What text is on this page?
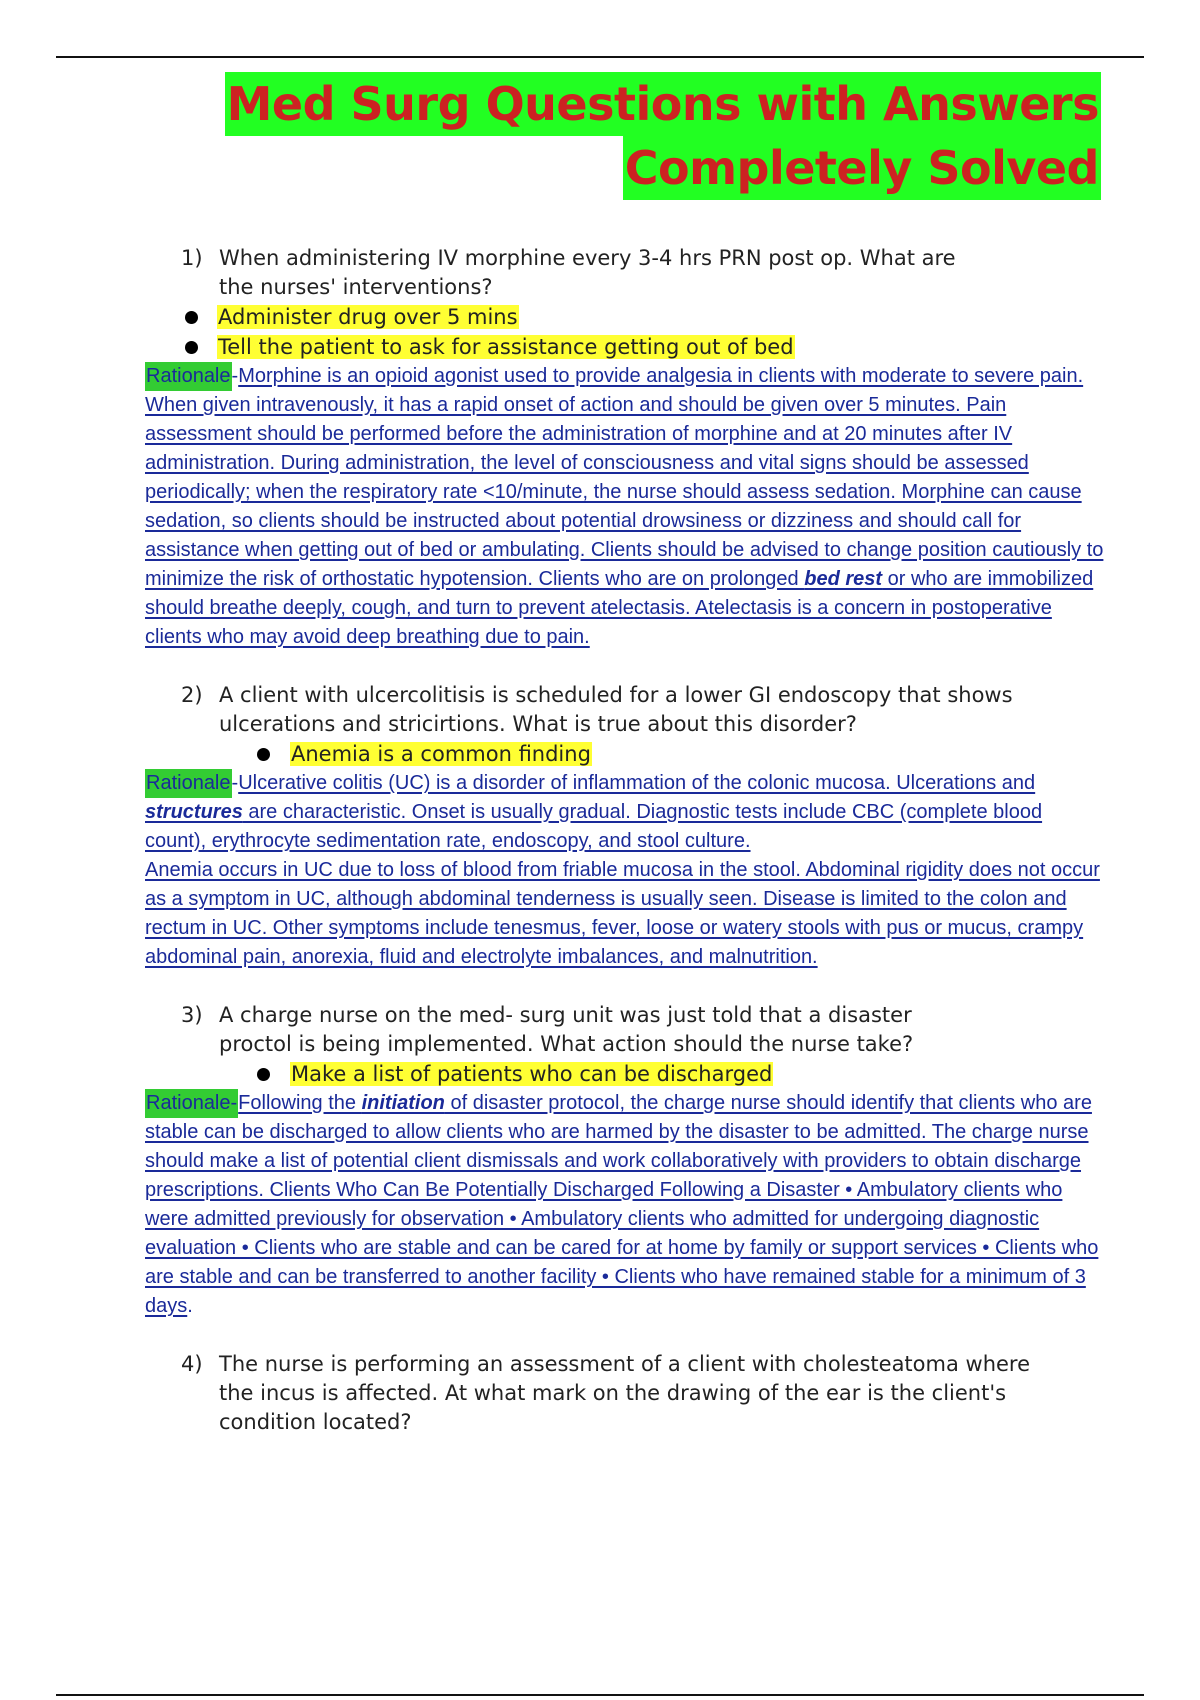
Med Surg Questions with Answers
Completely Solved
1) When administering IV morphine every 3-4 hrs PRN post op. What are
the nurses' interventions?
Administer drug over 5 mins
Tell the patient to ask for assistance getting out of bed

Rationale-Morphine is an opioid agonist used to provide analgesia in clients with moderate to severe pain. When given intravenously, it has a rapid onset of action and should be given over 5 minutes. Pain assessment should be performed before the administration of morphine and at 20 minutes after IV administration. During administration, the level of consciousness and vital signs should be assessed periodically; when the respiratory rate <10/minute, the nurse should assess sedation. Morphine can cause sedation, so clients should be instructed about potential drowsiness or dizziness and should call for assistance when getting out of bed or ambulating. Clients should be advised to change position cautiously to minimize the risk of orthostatic hypotension. Clients who are on prolonged bed rest or who are immobilized should breathe deeply, cough, and turn to prevent atelectasis. Atelectasis is a concern in postoperative clients who may avoid deep breathing due to pain.

2) A client with ulcercolitisis is scheduled for a lower GI endoscopy that shows
ulcerations and stricirtions. What is true about this disorder?
Anemia is a common finding

Rationale-Ulcerative colitis (UC) is a disorder of inflammation of the colonic mucosa. Ulcerations and structures are characteristic. Onset is usually gradual. Diagnostic tests include CBC (complete blood count), erythrocyte sedimentation rate, endoscopy, and stool culture.

Anemia occurs in UC due to loss of blood from friable mucosa in the stool. Abdominal rigidity does not occur as a symptom in UC, although abdominal tenderness is usually seen. Disease is limited to the colon and rectum in UC. Other symptoms include tenesmus, fever, loose or watery stools with pus or mucus, crampy abdominal pain, anorexia, fluid and electrolyte imbalances, and malnutrition.

3) A charge nurse on the med- surg unit was just told that a disaster
proctol is being implemented. What action should the nurse take?
Make a list of patients who can be discharged

Rationale-Following the initiation of disaster protocol, the charge nurse should identify that clients who are stable can be discharged to allow clients who are harmed by the disaster to be admitted. The charge nurse should make a list of potential client dismissals and work collaboratively with providers to obtain discharge prescriptions. Clients Who Can Be Potentially Discharged Following a Disaster • Ambulatory clients who were admitted previously for observation • Ambulatory clients who admitted for undergoing diagnostic evaluation • Clients who are stable and can be cared for at home by family or support services • Clients who are stable and can be transferred to another facility • Clients who have remained stable for a minimum of 3 days.

4) The nurse is performing an assessment of a client with cholesteatoma where
the incus is affected. At what mark on the drawing of the ear is the client's
condition located?
